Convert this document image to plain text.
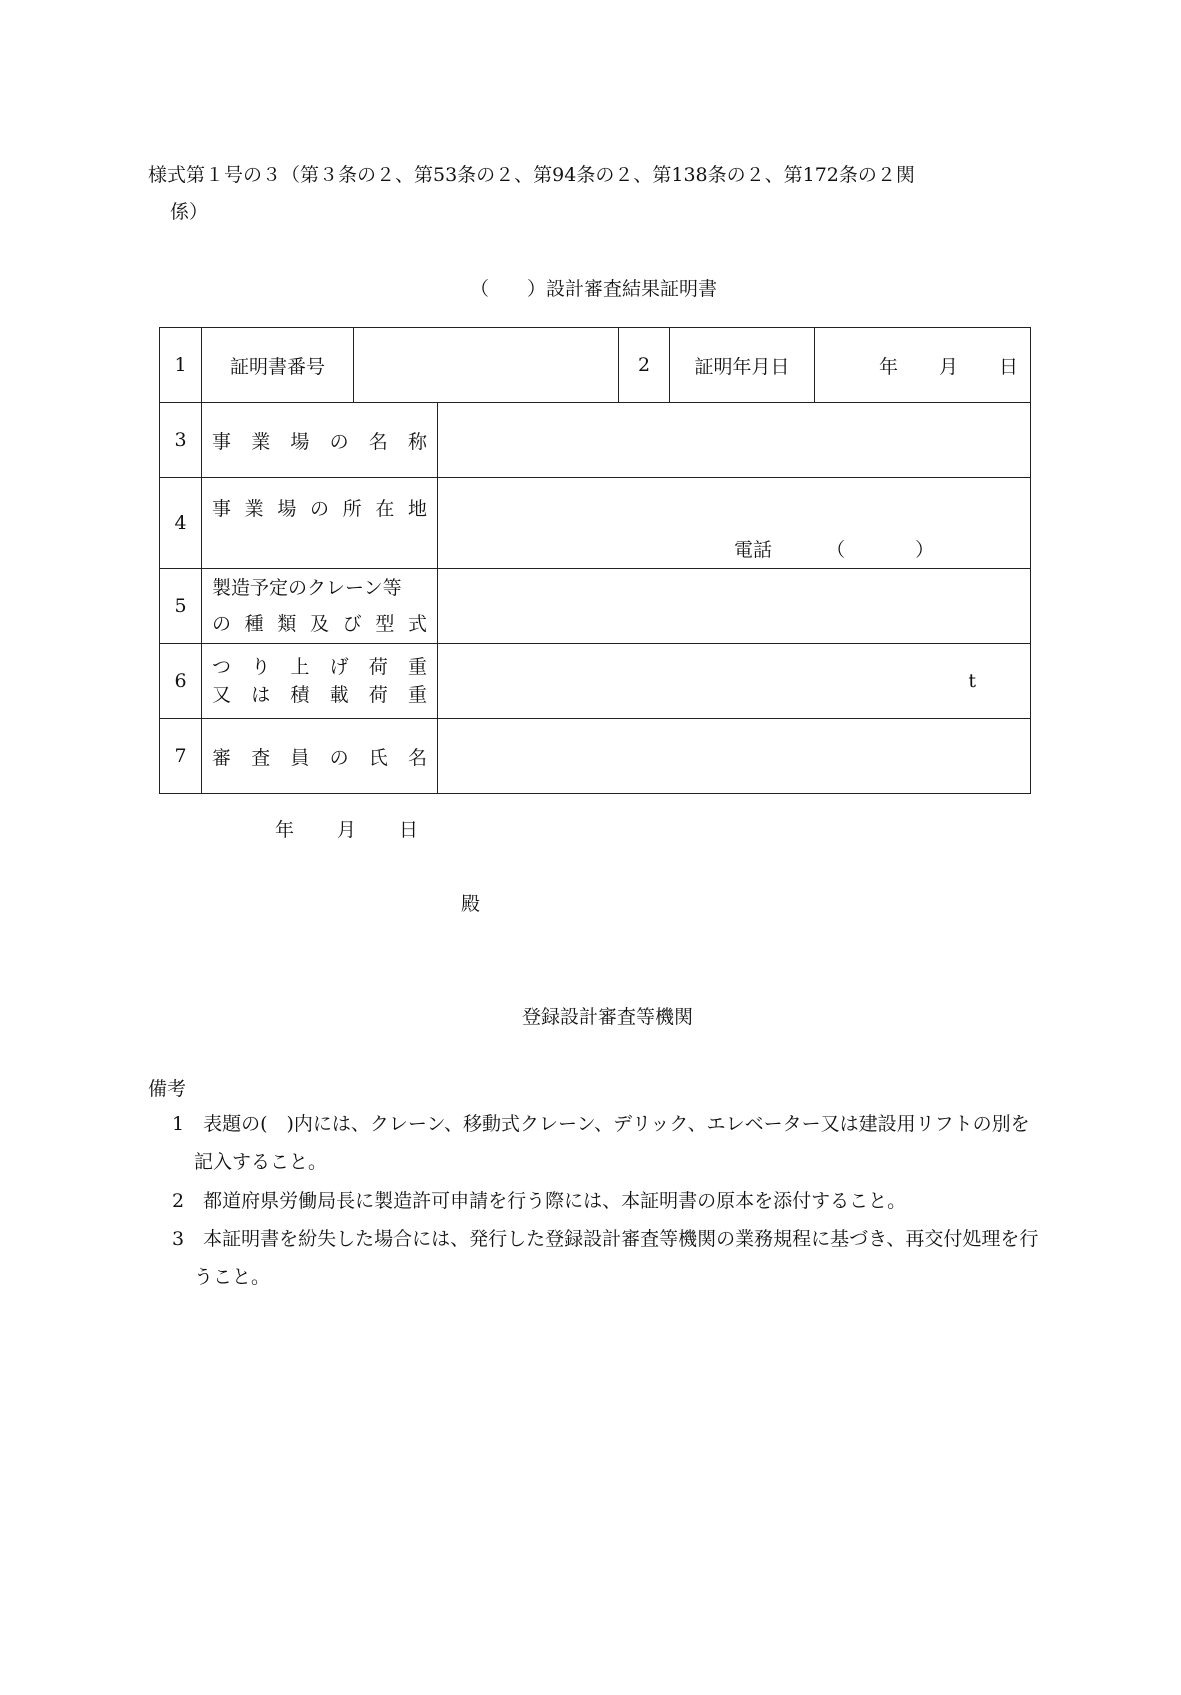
様式第１号の３（第３条の２、第53条の２、第94条の２、第138条の２、第172条の２関
係）
（　　）設計審査結果証明書
1	証明書番号			2	証明年月日	年 月 日

3	事業場の名称					
4	事業場の所在地		電話 （ ）			
5	製造予定のクレーン等
の種類及び型式					

6	つり上げ荷重
又は積載荷重		t			
7	審査員の氏名					
年 月 日
殿
登録設計審査等機関
備考
1　表題の(　)内には、クレーン、移動式クレーン、デリック、エレベーター又は建設用リフトの別を記入すること。
2　都道府県労働局長に製造許可申請を行う際には、本証明書の原本を添付すること。
3　本証明書を紛失した場合には、発行した登録設計審査等機関の業務規程に基づき、再交付処理を行うこと。
